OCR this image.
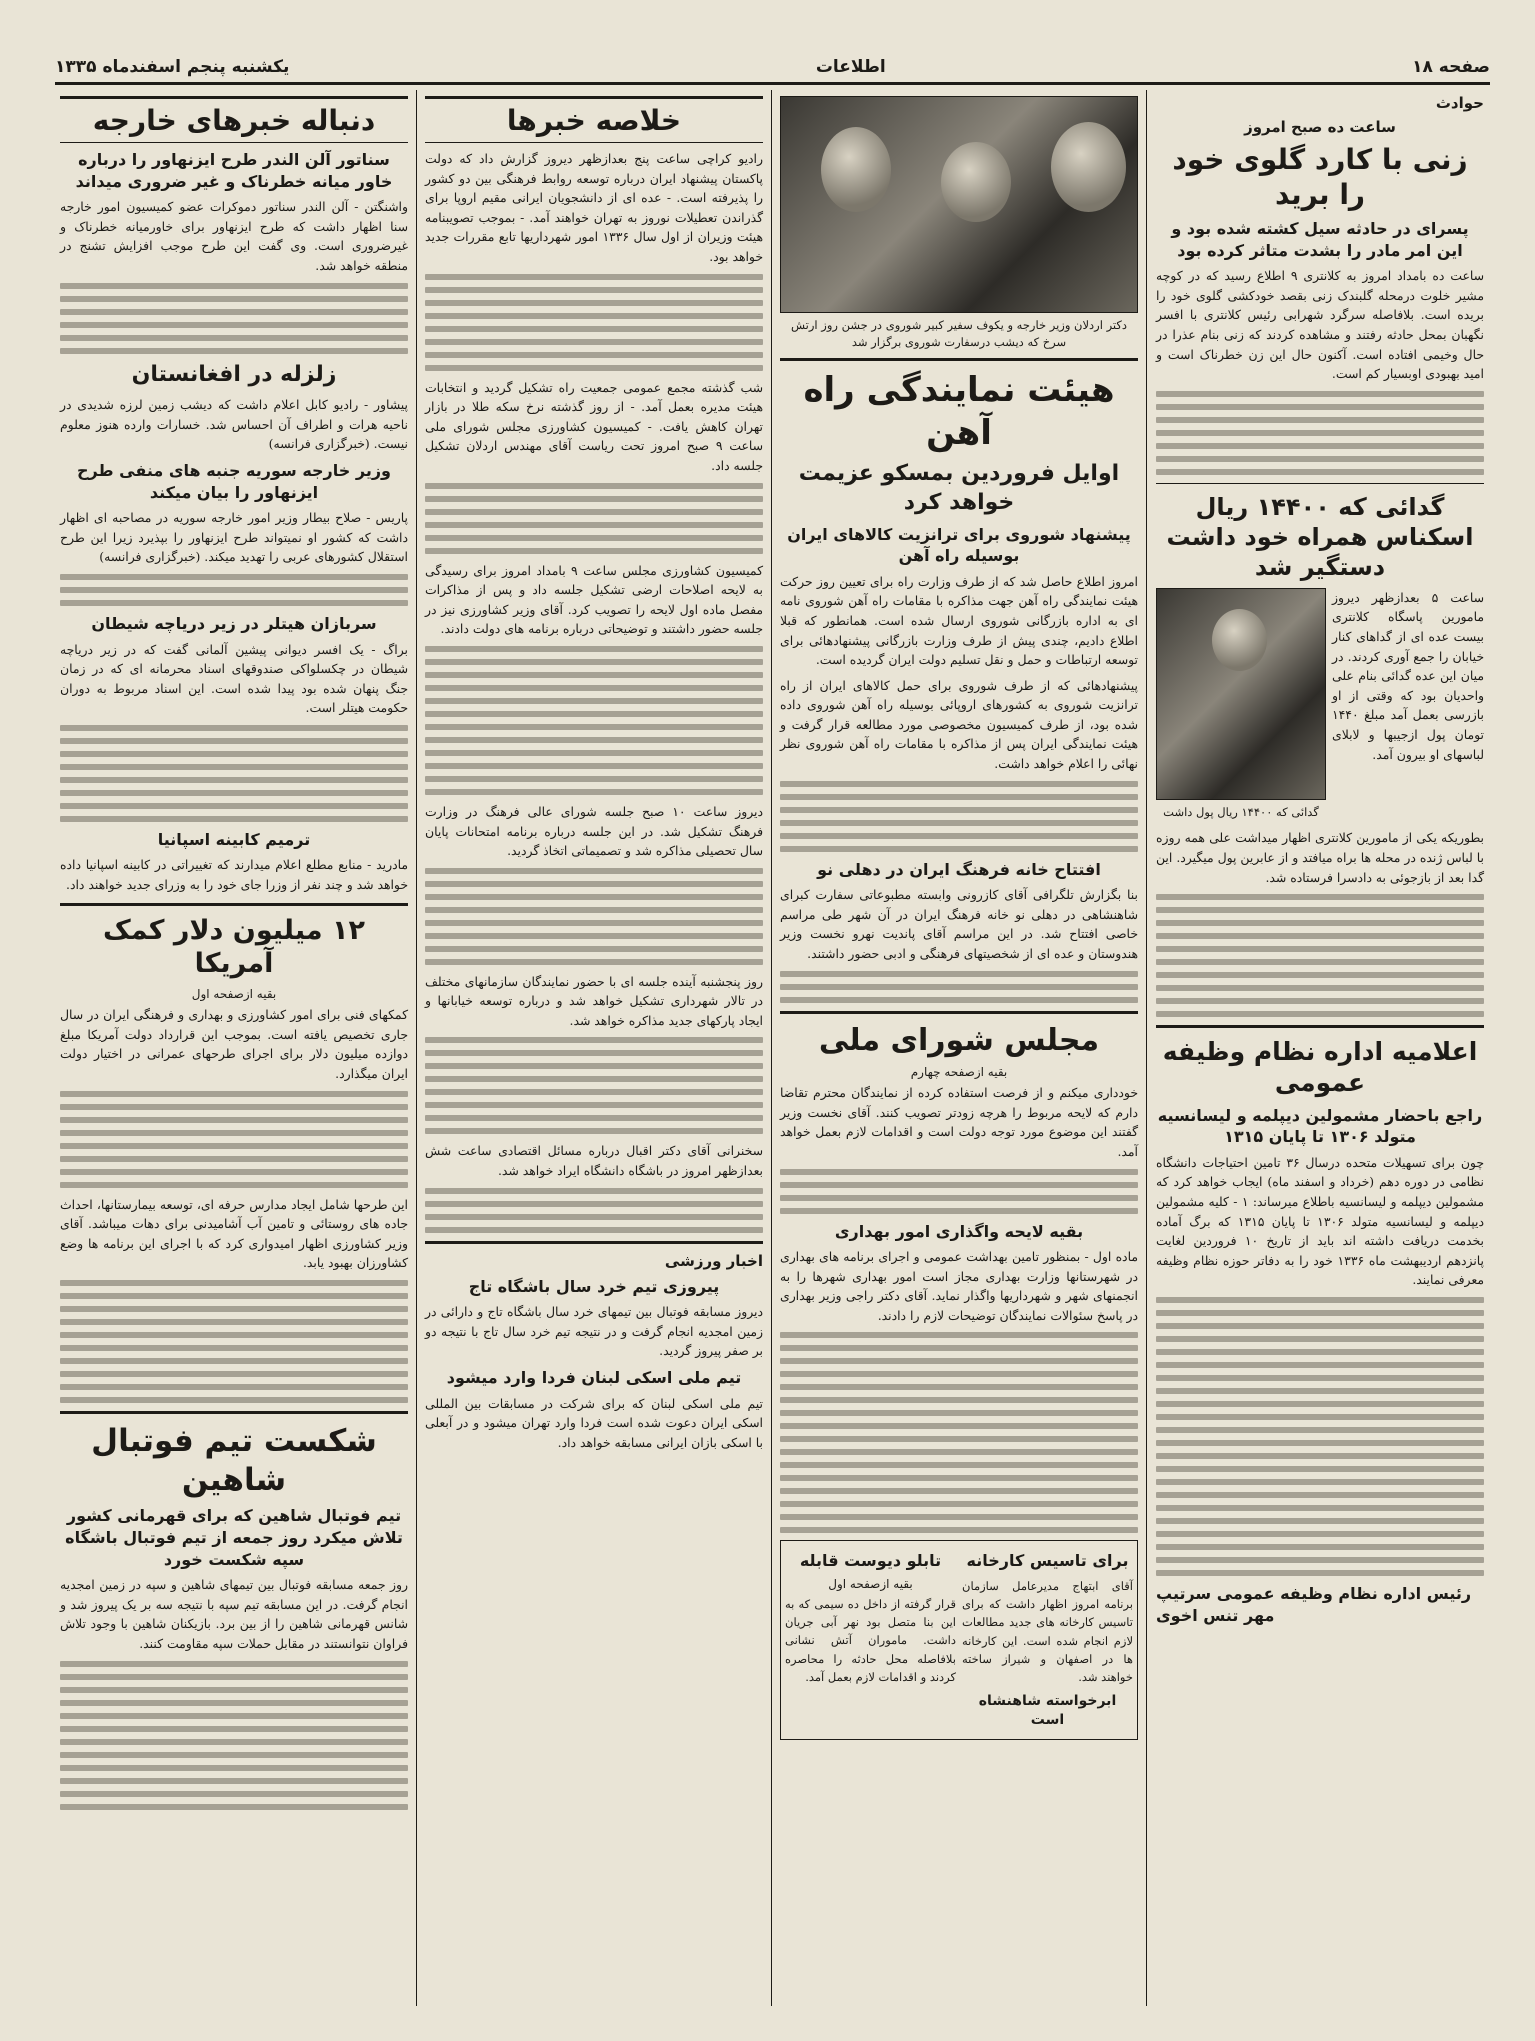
صفحه ۱۸
اطلاعات
یکشنبه پنجم اسفندماه ۱۳۳۵
حوادث
ساعت ده صبح امروز
زنی با کارد گلوی خود را برید
پسرای در حادثه سیل کشته شده بود و این امر مادر را بشدت متاثر کرده بود

ساعت ده بامداد امروز به کلانتری ۹ اطلاع رسید که در کوچه مشیر خلوت درمحله گلبندک زنی بقصد خودکشی گلوی خود را بریده است. بلافاصله سرگرد شهرابی رئیس کلانتری با افسر نگهبان بمحل حادثه رفتند و مشاهده کردند که زنی بنام عذرا در حال وخیمی افتاده است. آکنون حال این زن خطرناک است و امید بهبودی اوبسیار کم است.

گدائی که ۱۴۴۰۰ ریال اسکناس همراه خود داشت دستگیر شد

ساعت ۵ بعدازظهر دیروز مامورین پاسگاه کلانتری بیست عده ای از گداهای کنار خیابان را جمع آوری کردند. در میان این عده گدائی بنام علی واحدیان بود که وقتی از او بازرسی بعمل آمد مبلغ ۱۴۴۰ تومان پول ازجیبها و لابلای لباسهای او بیرون آمد.

گدائی که ۱۴۴۰۰ ریال پول داشت

بطوریکه یکی از مامورین کلانتری اظهار میداشت علی همه روزه با لباس ژنده در محله ها براه میافتد و از عابرین پول میگیرد. این گدا بعد از بازجوئی به دادسرا فرستاده شد.

اعلامیه اداره نظام وظیفه عمومی
راجع باحضار مشمولین دیپلمه و لیسانسیه متولد ۱۳۰۶ تا پایان ۱۳۱۵

چون برای تسهیلات متحده درسال ۳۶ تامین احتیاجات دانشگاه نظامی در دوره دهم (خرداد و اسفند ماه) ایجاب خواهد کرد که مشمولین دیپلمه و لیسانسیه باطلاع میرساند: ۱ - کلیه مشمولین دیپلمه و لیسانسیه متولد ۱۳۰۶ تا پایان ۱۳۱۵ که برگ آماده بخدمت دریافت داشته اند باید از تاریخ ۱۰ فروردین لغایت پانزدهم اردیبهشت ماه ۱۳۳۶ خود را به دفاتر حوزه نظام وظیفه معرفی نمایند.

رئیس اداره نظام وظیفه عمومی سرتیپ مهر تنس اخوی
دکتر اردلان وزیر خارجه و یکوف سفیر کبیر شوروی در جشن روز ارتش سرخ که دیشب درسفارت شوروی برگزار شد
هیئت نمایندگی راه آهن
اوایل فروردین بمسکو عزیمت خواهد کرد
پیشنهاد شوروی برای ترانزیت کالاهای ایران بوسیله راه آهن

امروز اطلاع حاصل شد که از طرف وزارت راه برای تعیین روز حرکت هیئت نمایندگی راه آهن جهت مذاکره با مقامات راه آهن شوروی نامه ای به اداره بازرگانی شوروی ارسال شده است. همانطور که قبلا اطلاع دادیم، چندی پیش از طرف وزارت بازرگانی پیشنهادهائی برای توسعه ارتباطات و حمل و نقل تسلیم دولت ایران گردیده است.

پیشنهادهائی که از طرف شوروی برای حمل کالاهای ایران از راه ترانزیت شوروی به کشورهای اروپائی بوسیله راه آهن شوروی داده شده بود، از طرف کمیسیون مخصوصی مورد مطالعه قرار گرفت و هیئت نمایندگی ایران پس از مذاکره با مقامات راه آهن شوروی نظر نهائی را اعلام خواهد داشت.

افتتاح خانه فرهنگ ایران در دهلی نو

بنا بگزارش تلگرافی آقای کازرونی وابسته مطبوعاتی سفارت کبرای شاهنشاهی در دهلی نو خانه فرهنگ ایران در آن شهر طی مراسم خاصی افتتاح شد. در این مراسم آقای پاندیت نهرو نخست وزیر هندوستان و عده ای از شخصیتهای فرهنگی و ادبی حضور داشتند.

مجلس شورای ملی
بقیه ازصفحه چهارم

خودداری میکنم و از فرصت استفاده کرده از نمایندگان محترم تقاضا دارم که لایحه مربوط را هرچه زودتر تصویب کنند. آقای نخست وزیر گفتند این موضوع مورد توجه دولت است و اقدامات لازم بعمل خواهد آمد.

بقیه لایحه واگذاری امور بهداری

ماده اول - بمنظور تامین بهداشت عمومی و اجرای برنامه های بهداری در شهرستانها وزارت بهداری مجاز است امور بهداری شهرها را به انجمنهای شهر و شهرداریها واگذار نماید. آقای دکتر راجی وزیر بهداری در پاسخ سئوالات نمایندگان توضیحات لازم را دادند.

برای تاسیس کارخانه

آقای ابتهاج مدیرعامل سازمان برنامه امروز اظهار داشت که برای تاسیس کارخانه های جدید مطالعات لازم انجام شده است. این کارخانه ها در اصفهان و شیراز ساخته خواهند شد.

ابرخواسته شاهنشاه است
تابلو دیوست قابله
بقیه ازصفحه اول

قرار گرفته از داخل ده سیمی که به این بنا متصل بود نهر آبی جریان داشت. ماموران آتش نشانی بلافاصله محل حادثه را محاصره کردند و اقدامات لازم بعمل آمد.

خلاصه خبرها

رادیو کراچی ساعت پنج بعدازظهر دیروز گزارش داد که دولت پاکستان پیشنهاد ایران درباره توسعه روابط فرهنگی بین دو کشور را پذیرفته است. - عده ای از دانشجویان ایرانی مقیم اروپا برای گذراندن تعطیلات نوروز به تهران خواهند آمد. - بموجب تصویبنامه هیئت وزیران از اول سال ۱۳۳۶ امور شهرداریها تابع مقررات جدید خواهد بود.

شب گذشته مجمع عمومی جمعیت راه تشکیل گردید و انتخابات هیئت مدیره بعمل آمد. - از روز گذشته نرخ سکه طلا در بازار تهران کاهش یافت. - کمیسیون کشاورزی مجلس شورای ملی ساعت ۹ صبح امروز تحت ریاست آقای مهندس اردلان تشکیل جلسه داد.

کمیسیون کشاورزی مجلس ساعت ۹ بامداد امروز برای رسیدگی به لایحه اصلاحات ارضی تشکیل جلسه داد و پس از مذاکرات مفصل ماده اول لایحه را تصویب کرد. آقای وزیر کشاورزی نیز در جلسه حضور داشتند و توضیحاتی درباره برنامه های دولت دادند.

دیروز ساعت ۱۰ صبح جلسه شورای عالی فرهنگ در وزارت فرهنگ تشکیل شد. در این جلسه درباره برنامه امتحانات پایان سال تحصیلی مذاکره شد و تصمیماتی اتخاذ گردید.

روز پنجشنبه آینده جلسه ای با حضور نمایندگان سازمانهای مختلف در تالار شهرداری تشکیل خواهد شد و درباره توسعه خیابانها و ایجاد پارکهای جدید مذاکره خواهد شد.

سخنرانی آقای دکتر اقبال درباره مسائل اقتصادی ساعت شش بعدازظهر امروز در باشگاه دانشگاه ایراد خواهد شد.

اخبار ورزشی
پیروزی تیم خرد سال باشگاه تاج

دیروز مسابقه فوتبال بین تیمهای خرد سال باشگاه تاج و دارائی در زمین امجدیه انجام گرفت و در نتیجه تیم خرد سال تاج با نتیجه دو بر صفر پیروز گردید.

تیم ملی اسکی لبنان فردا وارد میشود

تیم ملی اسکی لبنان که برای شرکت در مسابقات بین المللی اسکی ایران دعوت شده است فردا وارد تهران میشود و در آبعلی با اسکی بازان ایرانی مسابقه خواهد داد.

دنباله خبرهای خارجه
سناتور آلن الندر طرح ایزنهاور را درباره خاور میانه خطرناک و غیر ضروری میداند

واشنگتن - آلن الندر سناتور دموکرات عضو کمیسیون امور خارجه سنا اظهار داشت که طرح ایزنهاور برای خاورمیانه خطرناک و غیرضروری است. وی گفت این طرح موجب افزایش تشنج در منطقه خواهد شد.

زلزله در افغانستان

پیشاور - رادیو کابل اعلام داشت که دیشب زمین لرزه شدیدی در ناحیه هرات و اطراف آن احساس شد. خسارات وارده هنوز معلوم نیست. (خبرگزاری فرانسه)

وزیر خارجه سوریه جنبه های منفی طرح ایزنهاور را بیان میکند

پاریس - صلاح بیطار وزیر امور خارجه سوریه در مصاحبه ای اظهار داشت که کشور او نمیتواند طرح ایزنهاور را بپذیرد زیرا این طرح استقلال کشورهای عربی را تهدید میکند. (خبرگزاری فرانسه)

سربازان هیتلر در زیر دریاچه شیطان

براگ - یک افسر دیوانی پیشین آلمانی گفت که در زیر دریاچه شیطان در چکسلواکی صندوقهای اسناد محرمانه ای که در زمان جنگ پنهان شده بود پیدا شده است. این اسناد مربوط به دوران حکومت هیتلر است.

ترمیم کابینه اسپانیا

مادرید - منابع مطلع اعلام میدارند که تغییراتی در کابینه اسپانیا داده خواهد شد و چند نفر از وزرا جای خود را به وزرای جدید خواهند داد.

۱۲ میلیون دلار کمک آمریکا
بقیه ازصفحه اول

کمکهای فنی برای امور کشاورزی و بهداری و فرهنگی ایران در سال جاری تخصیص یافته است. بموجب این قرارداد دولت آمریکا مبلغ دوازده میلیون دلار برای اجرای طرحهای عمرانی در اختیار دولت ایران میگذارد.

این طرحها شامل ایجاد مدارس حرفه ای، توسعه بیمارستانها، احداث جاده های روستائی و تامین آب آشامیدنی برای دهات میباشد. آقای وزیر کشاورزی اظهار امیدواری کرد که با اجرای این برنامه ها وضع کشاورزان بهبود یابد.

شکست تیم فوتبال شاهین
تیم فوتبال شاهین که برای قهرمانی کشور تلاش میکرد روز جمعه از تیم فوتبال باشگاه سپه شکست خورد

روز جمعه مسابقه فوتبال بین تیمهای شاهین و سپه در زمین امجدیه انجام گرفت. در این مسابقه تیم سپه با نتیجه سه بر یک پیروز شد و شانس قهرمانی شاهین را از بین برد. بازیکنان شاهین با وجود تلاش فراوان نتوانستند در مقابل حملات سپه مقاومت کنند.
